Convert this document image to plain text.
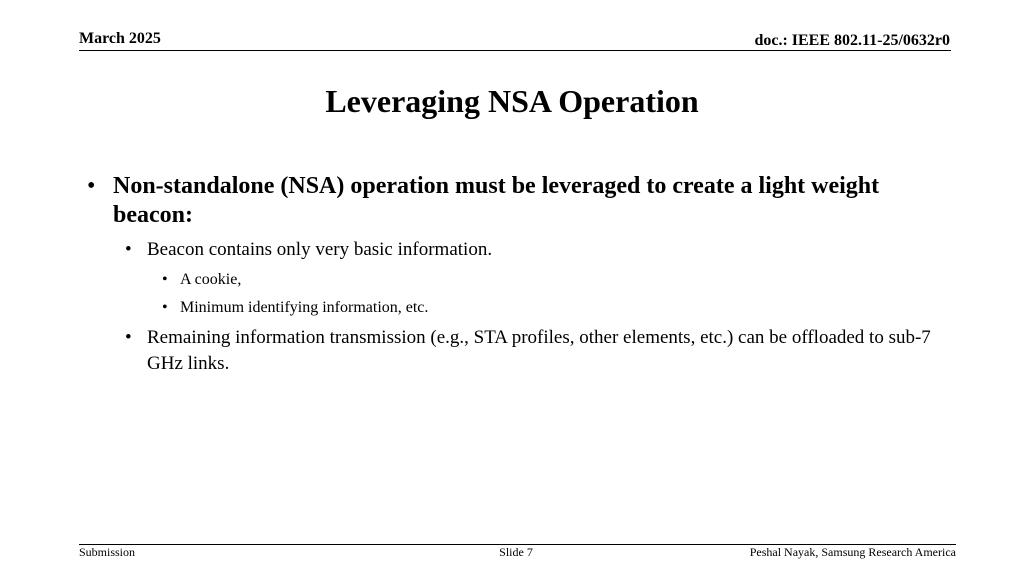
March 2025	doc.: IEEE 802.11-25/0632r0
Leveraging NSA Operation
• Non-standalone (NSA) operation must be leveraged to create a light weight beacon:
• Beacon contains only very basic information.
• A cookie,
• Minimum identifying information, etc.
• Remaining information transmission (e.g., STA profiles, other elements, etc.) can be offloaded to sub-7 GHz links.
Submission	Slide 7	Peshal Nayak, Samsung Research America
